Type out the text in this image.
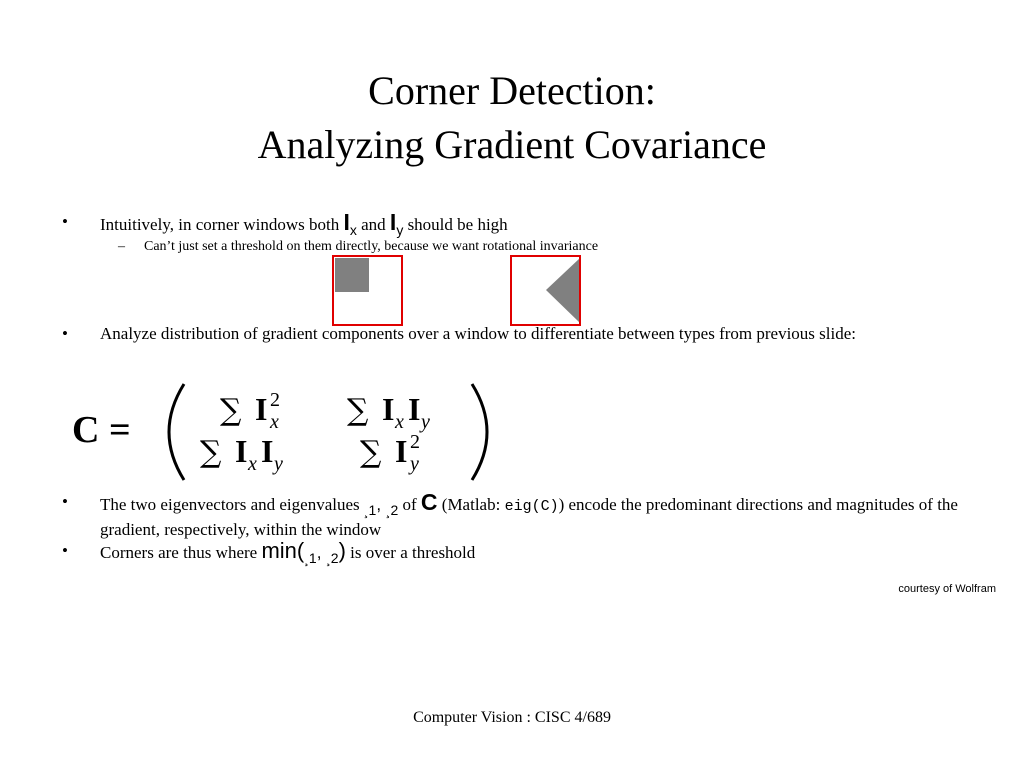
Corner Detection:
Analyzing Gradient Covariance
• Intuitively, in corner windows both $I_x$ and $I_y$ should be high
– Can’t just set a threshold on them directly, because we want rotational invariance
• Analyze distribution of gradient components over a window to differentiate between types from previous slide:
C =	∑ I 2
x ∑ I x I y
∑ I x I y	∑ I 2
y
• The two eigenvectors and eigenvalues $_{¸1}$, $_{¸2}$ of C (Matlab: eig(C)) encode the predominant directions and magnitudes of the gradient, respectively, within the window
• Corners are thus where $\min(_{¸1}$, $_{¸2}$) is over a threshold
courtesy of Wolfram
Computer Vision : CISC 4/689
